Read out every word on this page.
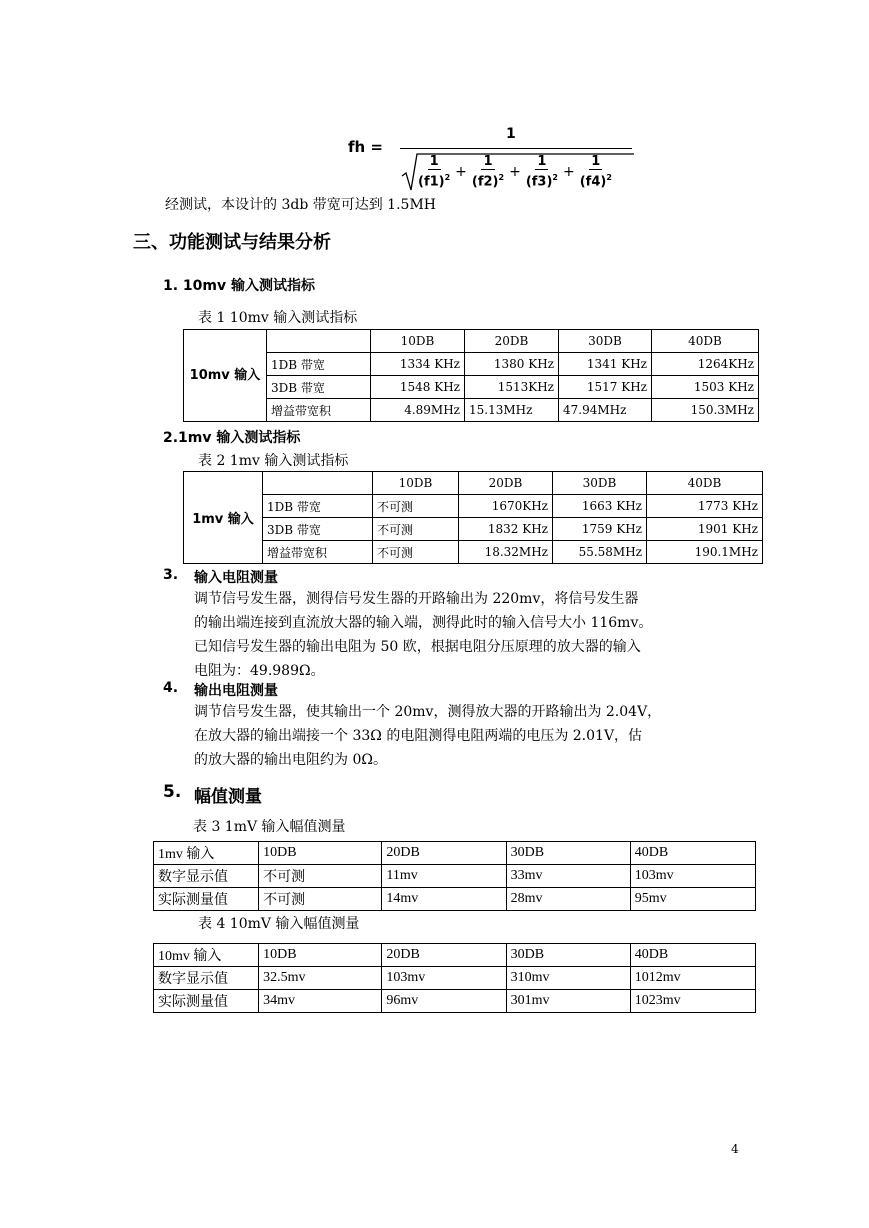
fh =
1
$\frac{1}{(f1)^2} + \frac{1}{(f2)^2} + \frac{1}{(f3)^2} + \frac{1}{(f4)^2}$
经测试，本设计的 3db 带宽可达到 1.5MH
三、功能测试与结果分析
1. 10mv 输入测试指标
表 1 10mv 输入测试指标
10mv 输入		10DB	20DB	30DB	40DB
	1DB 带宽	1334 KHz	1380 KHz	1341 KHz	1264KHz
	3DB 带宽	1548 KHz	1513KHz	1517 KHz	1503 KHz
	增益带宽积	4.89MHz	15.13MHz	47.94MHz	150.3MHz
2.1mv 输入测试指标
表 2 1mv 输入测试指标
1mv 输入		10DB	20DB	30DB	40DB
	1DB 带宽	不可测	1670KHz	1663 KHz	1773 KHz
	3DB 带宽	不可测	1832 KHz	1759 KHz	1901 KHz
	增益带宽积	不可测	18.32MHz	55.58MHz	190.1MHz
3. 输入电阻测量
调节信号发生器，测得信号发生器的开路输出为 220mv，将信号发生器
的输出端连接到直流放大器的输入端，测得此时的输入信号大小 116mv。
已知信号发生器的输出电阻为 50 欧，根据电阻分压原理的放大器的输入
电阻为：49.989Ω。
4. 输出电阻测量
调节信号发生器，使其输出一个 20mv，测得放大器的开路输出为 2.04V，
在放大器的输出端接一个 33Ω 的电阻测得电阻两端的电压为 2.01V，估
的放大器的输出电阻约为 0Ω。
5. 幅值测量
表 3 1mV 输入幅值测量
1mv 输入	10DB	20DB	30DB	40DB
数字显示值	不可测	11mv	33mv	103mv
实际测量值	不可测	14mv	28mv	95mv
表 4 10mV 输入幅值测量
10mv 输入	10DB	20DB	30DB	40DB
数字显示值	32.5mv	103mv	310mv	1012mv
实际测量值	34mv	96mv	301mv	1023mv
4
